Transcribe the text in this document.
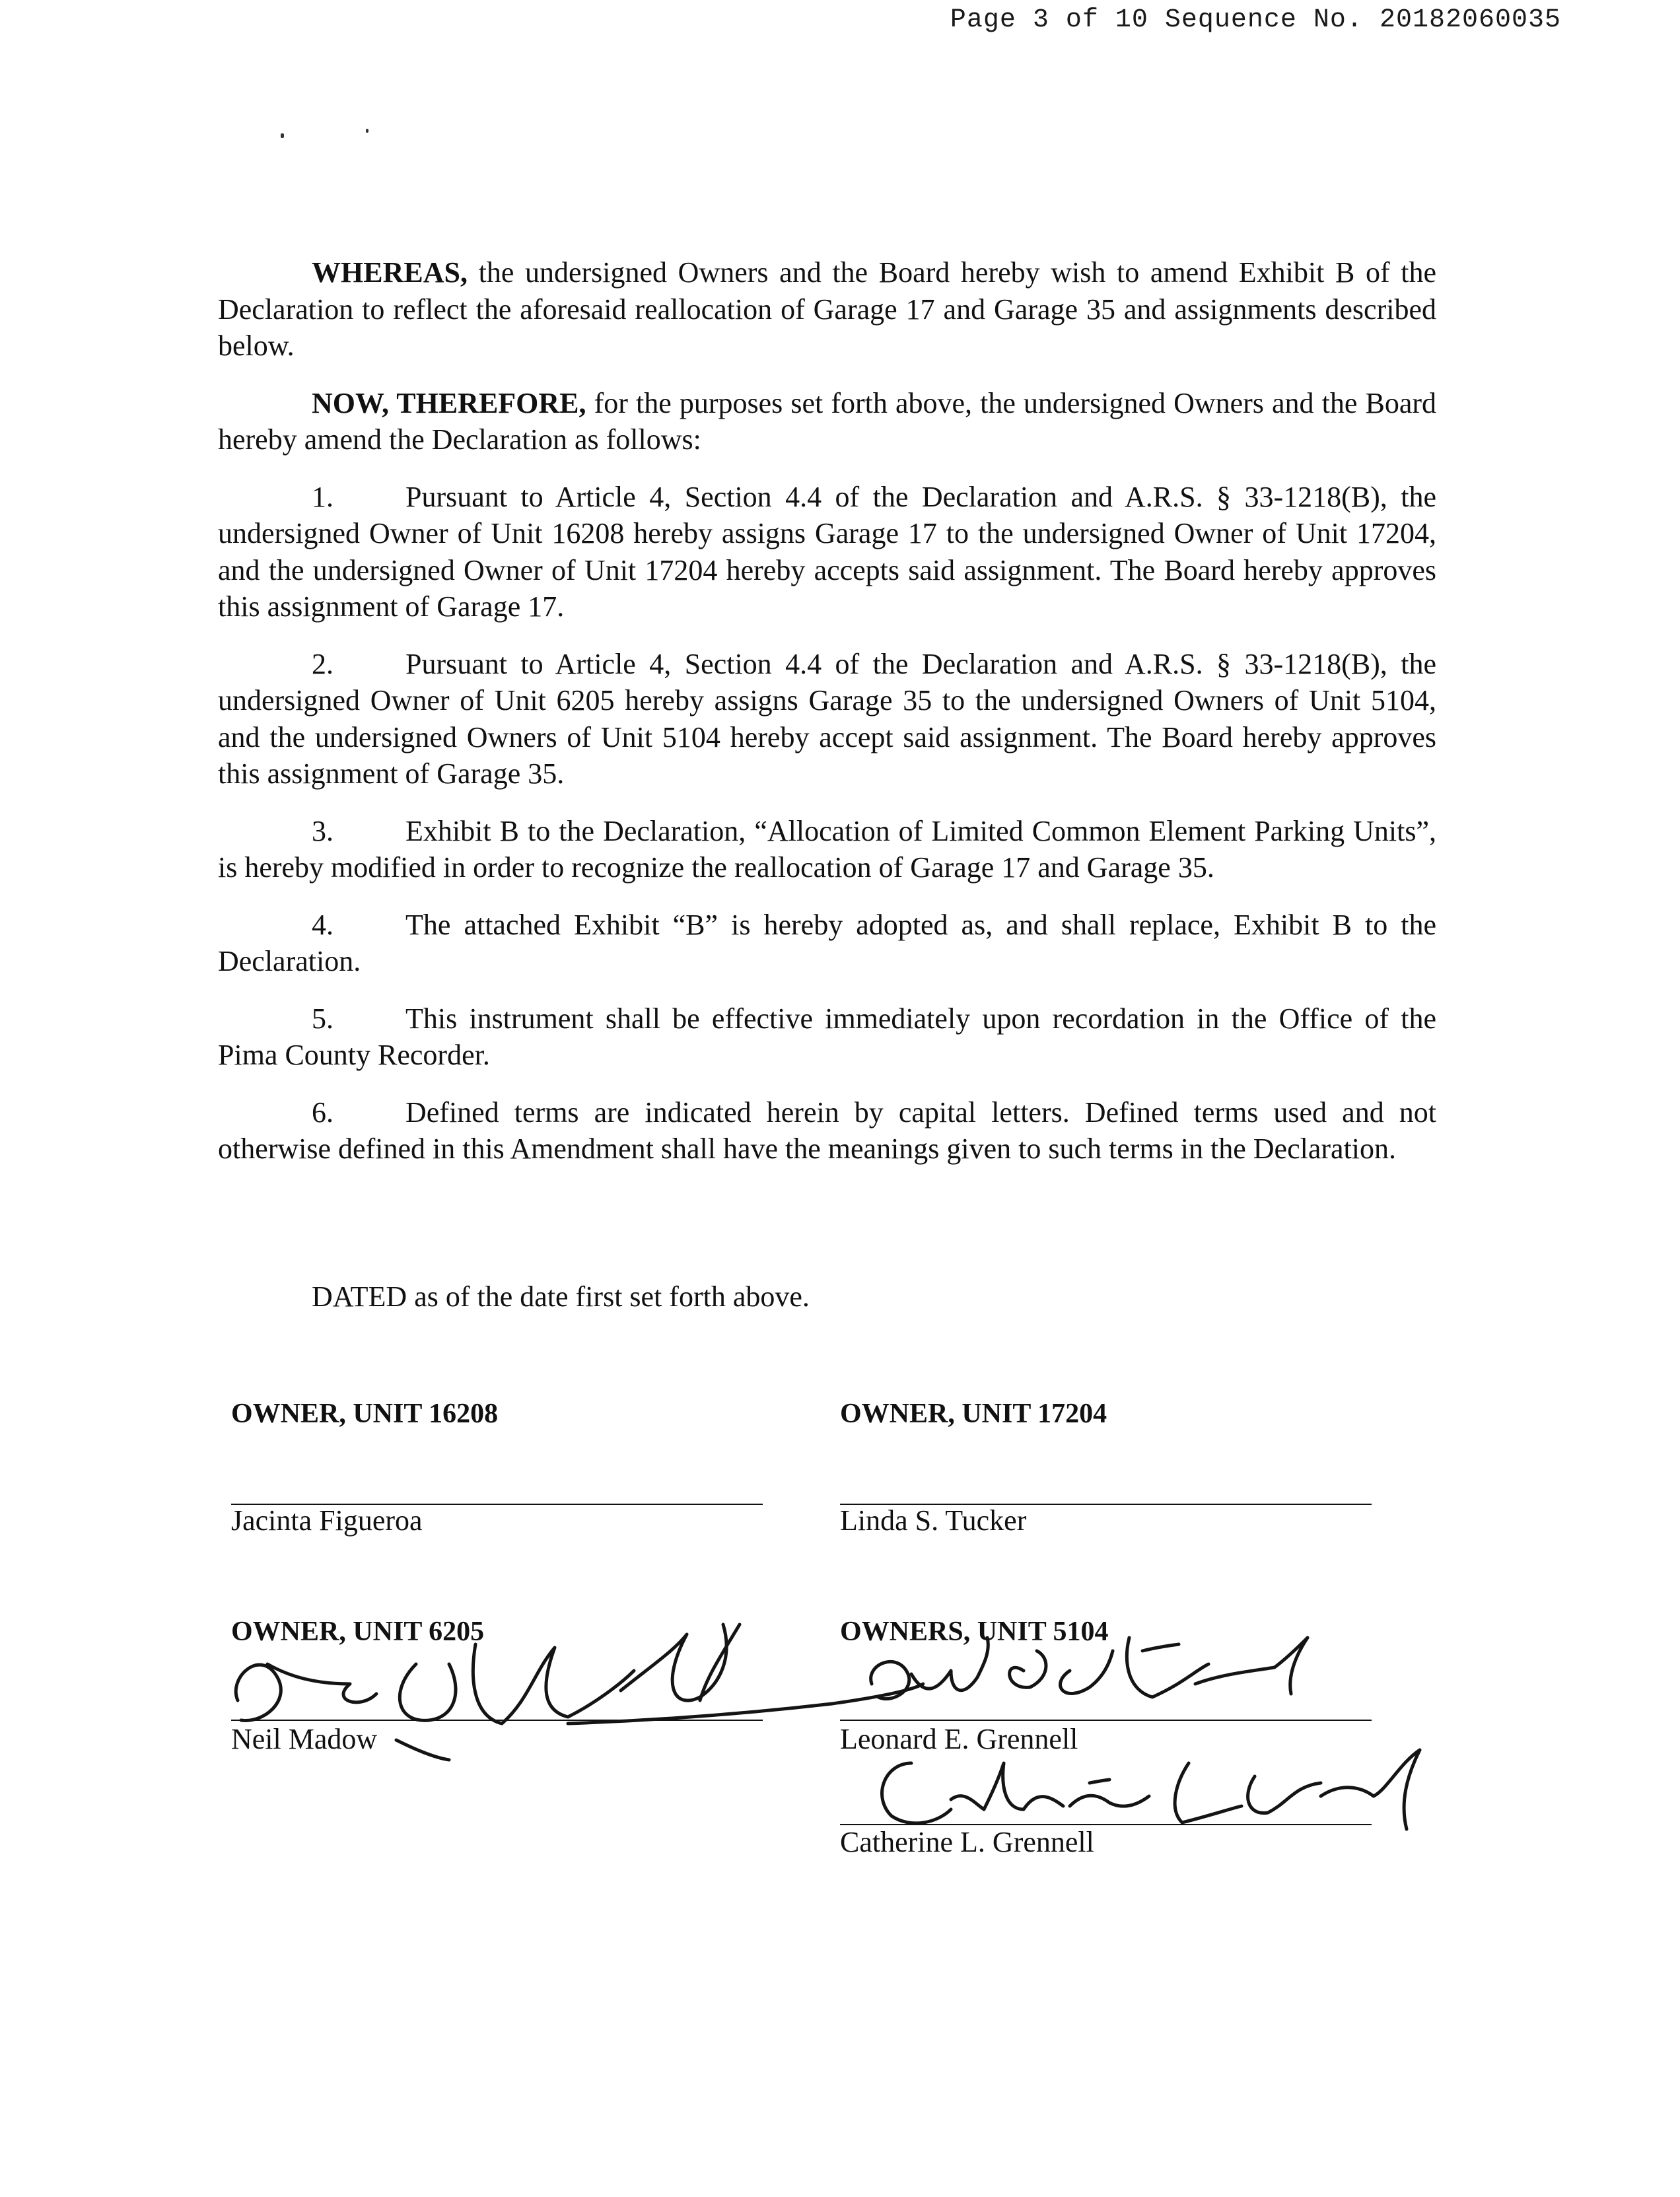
Page 3 of 10 Sequence No. 20182060035

WHEREAS, the undersigned Owners and the Board hereby wish to amend Exhibit B of the Declaration to reflect the aforesaid reallocation of Garage 17 and Garage 35 and assignments described below.

NOW, THEREFORE, for the purposes set forth above, the undersigned Owners and the Board hereby amend the Declaration as follows:

1. Pursuant to Article 4, Section 4.4 of the Declaration and A.R.S. § 33-1218(B), the undersigned Owner of Unit 16208 hereby assigns Garage 17 to the undersigned Owner of Unit 17204, and the undersigned Owner of Unit 17204 hereby accepts said assignment. The Board hereby approves this assignment of Garage 17.

2. Pursuant to Article 4, Section 4.4 of the Declaration and A.R.S. § 33-1218(B), the undersigned Owner of Unit 6205 hereby assigns Garage 35 to the undersigned Owners of Unit 5104, and the undersigned Owners of Unit 5104 hereby accept said assignment. The Board hereby approves this assignment of Garage 35.

3. Exhibit B to the Declaration, “Allocation of Limited Common Element Parking Units”, is hereby modified in order to recognize the reallocation of Garage 17 and Garage 35.

4. The attached Exhibit “B” is hereby adopted as, and shall replace, Exhibit B to the Declaration.

5. This instrument shall be effective immediately upon recordation in the Office of the Pima County Recorder.

6. Defined terms are indicated herein by capital letters. Defined terms used and not otherwise defined in this Amendment shall have the meanings given to such terms in the Declaration.

DATED as of the date first set forth above.
OWNER, UNIT 16208
Jacinta Figueroa
OWNER, UNIT 17204
Linda S. Tucker
OWNER, UNIT 6205
Neil Madow
OWNERS, UNIT 5104
Leonard E. Grennell
Catherine L. Grennell
